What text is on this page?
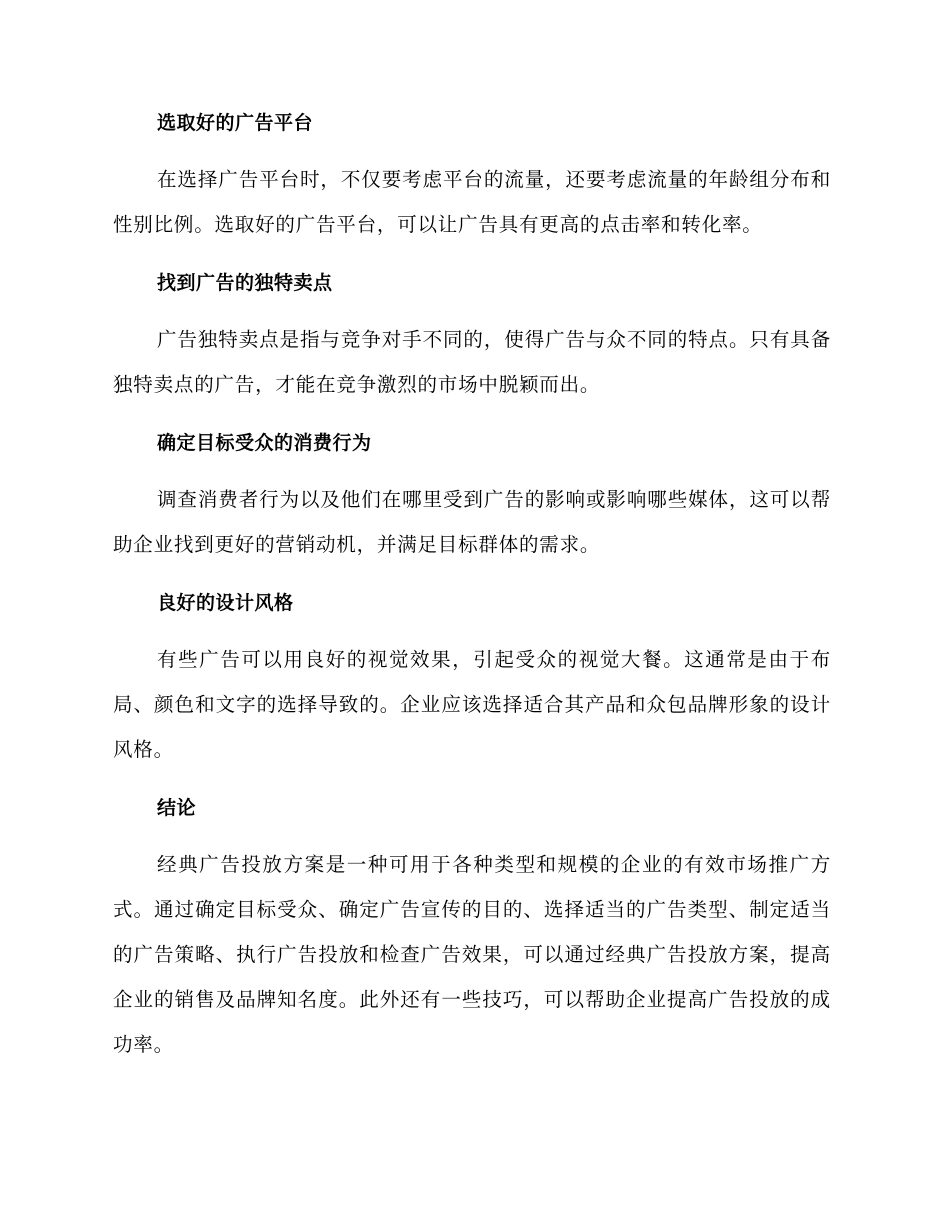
选取好的广告平台

在选择广告平台时，不仅要考虑平台的流量，还要考虑流量的年龄组分布和性别比例。选取好的广告平台，可以让广告具有更高的点击率和转化率。

找到广告的独特卖点

广告独特卖点是指与竞争对手不同的，使得广告与众不同的特点。只有具备独特卖点的广告，才能在竞争激烈的市场中脱颖而出。

确定目标受众的消费行为

调查消费者行为以及他们在哪里受到广告的影响或影响哪些媒体，这可以帮助企业找到更好的营销动机，并满足目标群体的需求。

良好的设计风格

有些广告可以用良好的视觉效果，引起受众的视觉大餐。这通常是由于布局、颜色和文字的选择导致的。企业应该选择适合其产品和众包品牌形象的设计风格。

结论

经典广告投放方案是一种可用于各种类型和规模的企业的有效市场推广方式。通过确定目标受众、确定广告宣传的目的、选择适当的广告类型、制定适当的广告策略、执行广告投放和检查广告效果，可以通过经典广告投放方案，提高企业的销售及品牌知名度。此外还有一些技巧，可以帮助企业提高广告投放的成功率。
